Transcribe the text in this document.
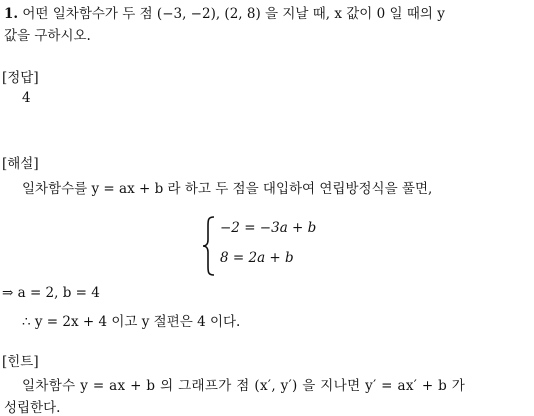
1. 어떤 일차함수가 두 점 (−3, −2), (2, 8) 을 지날 때, x 값이 0 일 때의 y
값을 구하시오.
[정답]
4
[해설]
일차함수를 y = ax + b 라 하고 두 점을 대입하여 연립방정식을 풀면,
−2 = −3a + b
8 = 2a + b
⇒ a = 2, b = 4
∴ y = 2x + 4 이고 y 절편은 4 이다.
[힌트]
일차함수 y = ax + b 의 그래프가 점 (x′, y′) 을 지나면 y′ = ax′ + b 가
성립한다.
